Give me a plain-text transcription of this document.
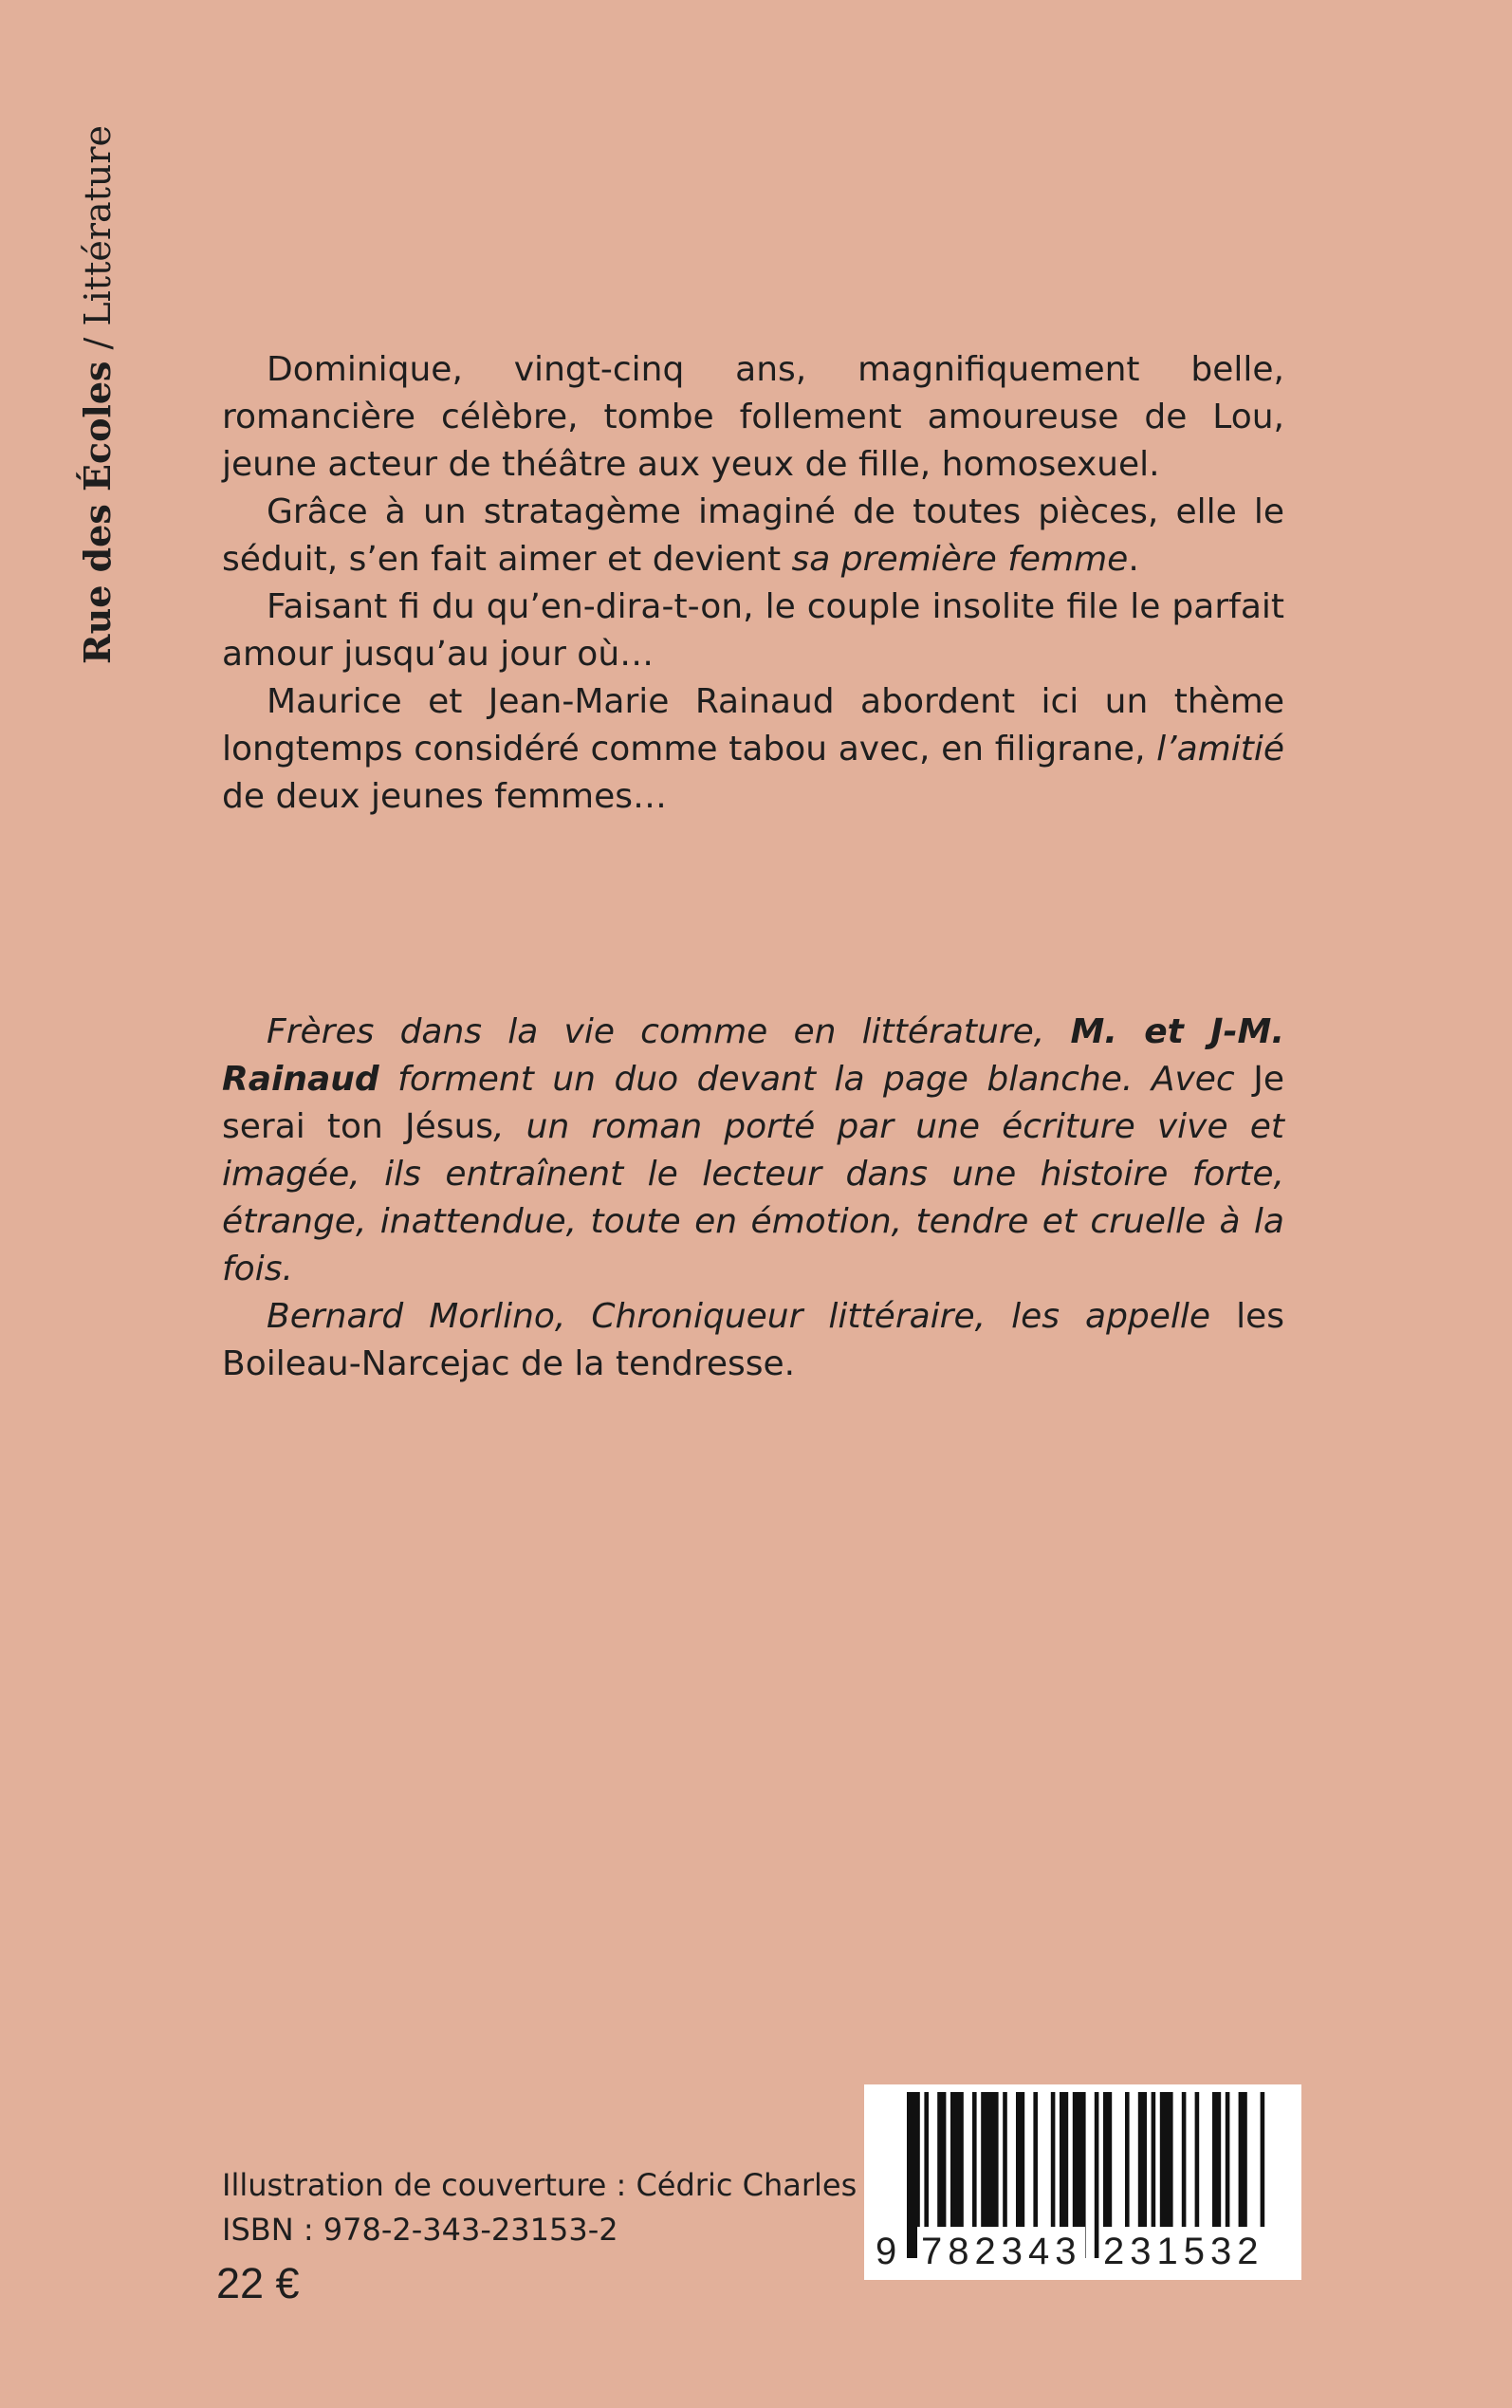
Rue des Écoles / Littérature

Dominique, vingt-cinq ans, magnifiquement belle, romancière célèbre, tombe follement amoureuse de Lou, jeune acteur de théâtre aux yeux de fille, homosexuel.

Grâce à un stratagème imaginé de toutes pièces, elle le séduit, s’en fait aimer et devient sa première femme.

Faisant fi du qu’en-dira-t-on, le couple insolite file le parfait amour jusqu’au jour où…

Maurice et Jean-Marie Rainaud abordent ici un thème longtemps considéré comme tabou avec, en filigrane, l’amitié de deux jeunes femmes…

Frères dans la vie comme en littérature, M. et J-M. Rainaud forment un duo devant la page blanche. Avec Je serai ton Jésus, un roman porté par une écriture vive et imagée, ils entraînent le lecteur dans une histoire forte, étrange, inattendue, toute en émotion, tendre et cruelle à la fois.

Bernard Morlino, Chroniqueur littéraire, les appelle les Boileau-Narcejac de la tendresse.

Illustration de couverture : Cédric Charles
ISBN : 978-2-343-23153-2
22 €
9 782343 231532
